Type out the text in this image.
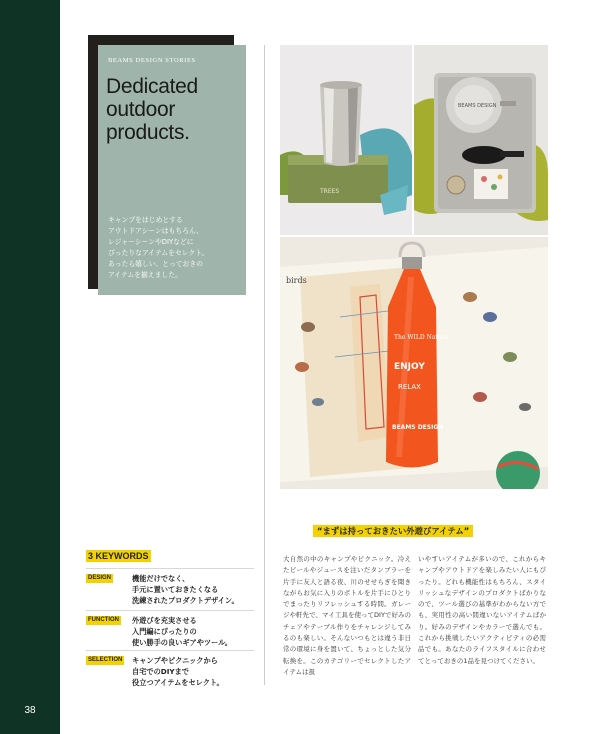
38
BEAMS DESIGN STORIES
Dedicated outdoor products.
キャンプをはじめとする
アウトドアシーンはもちろん、
レジャーシーンやDIYなどに
ぴったりなアイテムをセレクト。
あったら嬉しい、とっておきの
アイテムを揃えました。
TREES
BEAMS DESIGN
birds
The WILD Nature
ENJOY
RELAX
BEAMS DESIGN
“まずは持っておきたい外遊びアイテム”
大自然の中のキャンプやピクニック。冷えたビールやジュースを注いだタンブラーを片手に友人と語る夜、川のせせらぎを聞きながらお気に入りのボトルを片手にひとりでまったりリフレッシュする時間。ガレージや軒先で、マイ工具を使ってDIYで好みのチェアやテーブル作りをチャレンジしてみるのも楽しい。そんないつもとは違う非日常の環境に身を置いて、ちょっとした気分転換を。このカテゴリーでセレクトしたアイテムは扱
いやすいアイテムが多いので、これからキャンプやアウトドアを楽しみたい人にもぴったり。どれも機能性はもちろん、スタイリッシュなデザインのプロダクトばかりなので、ツール選びの基準がわからない方でも、実用性の高い間違いないアイテムばかり。好みのデザインやカラーで選んでも。これから挑戦したいアクティビティの必需品でも。あなたのライフスタイルに合わせてとっておきの1品を見つけてください。
3 KEYWORDS
DESIGN	機能だけでなく、
手元に置いておきたくなる
洗練されたプロダクトデザイン。
FUNCTION 外遊びを充実させる
入門編にぴったりの
使い勝手の良いギアやツール。
SELECTION キャンプやピクニックから
自宅でのDIYまで
役立つアイテムをセレクト。
